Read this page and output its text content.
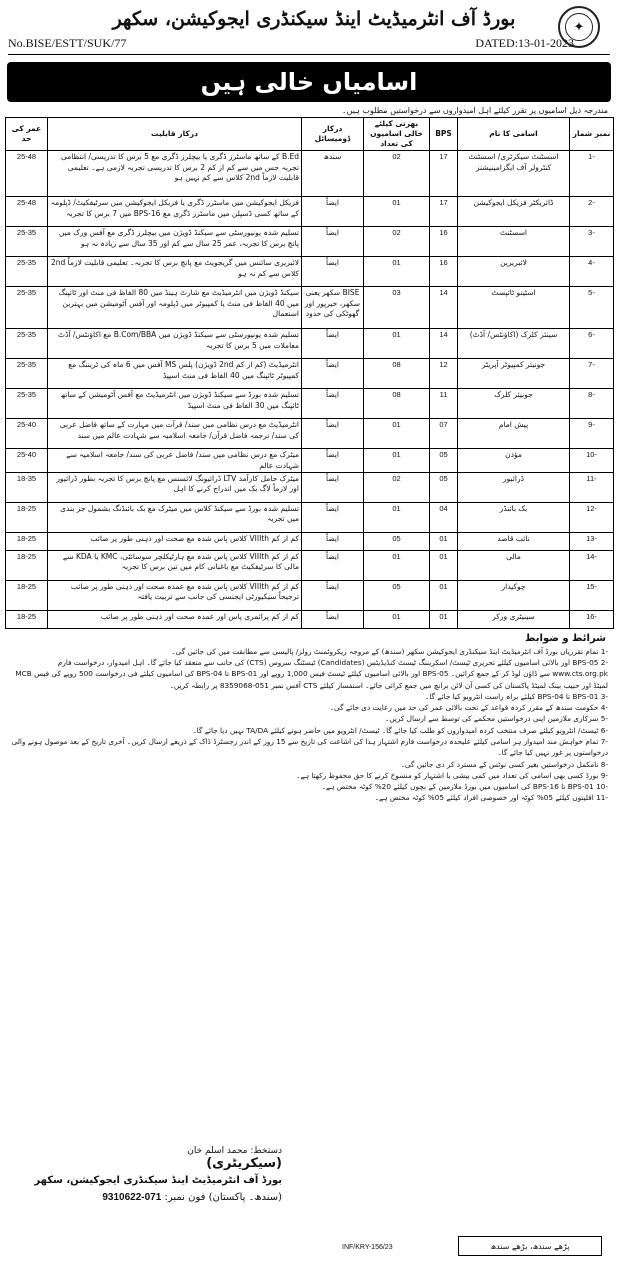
✦
بورڈ آف انٹرمیڈیٹ اینڈ سیکنڈری ایجوکیشن، سکھر
No.BISE/ESTT/SUK/77	DATED:13-01-2023
اسامیاں خالی ہیں
مندرجہ ذیل اسامیوں پر تقرر کیلئے اہل امیدواروں سے درخواستیں مطلوب ہیں۔
نمبر شمار	اسامی کا نام	BPS	بھرتی کیلئے خالی اسامیوں کی تعداد	درکار ڈومیسائل	درکار قابلیت	عمر کی حد
-1	اسسٹنٹ سیکرٹری/ اسسٹنٹ کنٹرولر آف ایگزامینیشنز	17	02	سندھ	B.Ed کے ساتھ ماسٹرز ڈگری یا بیچلرز ڈگری مع 5 برس کا تدریسی/ انتظامی تجربہ جس میں سے کم از کم 2 برس کا تدریسی تجربہ لازمی ہے۔ تعلیمی قابلیت لازماً 2nd کلاس سے کم نہیں ہو	25-48
-2	ڈائریکٹر فزیکل ایجوکیشن	17	01	ایضاً	فزیکل ایجوکیشن میں ماسٹرز ڈگری یا فزیکل ایجوکیشن میں سرٹیفکیٹ/ ڈپلومہ کے ساتھ کسی ڈسپلن میں ماسٹرز ڈگری مع BPS-16 میں 7 برس کا تجربہ	25-48
-3	اسسٹنٹ	16	02	ایضاً	تسلیم شدہ یونیورسٹی سے سیکنڈ ڈویژن میں بیچلرز ڈگری مع آفس ورک میں پانچ برس کا تجربہ، عمر 25 سال سے کم اور 35 سال سے زیادہ نہ ہو	25-35
-4	لائبریرین	16	01	ایضاً	لائبریری سائنس میں گریجویٹ مع پانچ برس کا تجربہ۔ تعلیمی قابلیت لازماً 2nd کلاس سے کم نہ ہو	25-35
-5	اسٹینو ٹائپسٹ	14	03	BISE سکھر یعنی سکھر، خیرپور اور گھوٹکی کی حدود	سیکنڈ ڈویژن میں انٹرمیڈیٹ مع شارٹ ہینڈ میں 80 الفاظ فی منٹ اور ٹائپنگ میں 40 الفاظ فی منٹ یا کمپیوٹر میں ڈپلومہ اور آفس آٹومیشن میں بہترین استعمال	25-35
-6	سینئر کلرک (اکاؤنٹس/ آڈٹ)	14	01	ایضاً	تسلیم شدہ یونیورسٹی سے سیکنڈ ڈویژن میں B.Com/BBA مع اکاؤنٹس/ آڈٹ معاملات میں 5 برس کا تجربہ	25-35
-7	جونیئر کمپیوٹر آپریٹر	12	08	ایضاً	انٹرمیڈیٹ (کم از کم 2nd ڈویژن) پلس MS آفس میں 6 ماہ کی ٹریننگ مع کمپیوٹر ٹائپنگ میں 40 الفاظ فی منٹ اسپیڈ	25-35
-8	جونیئر کلرک	11	08	ایضاً	تسلیم شدہ بورڈ سے سیکنڈ ڈویژن میں انٹرمیڈیٹ مع آفس آٹومیشن کے ساتھ ٹائپنگ میں 30 الفاظ فی منٹ اسپیڈ	25-35
-9	پیش امام	07	01	ایضاً	انٹرمیڈیٹ مع درس نظامی میں سند/ قرآت میں مہارت کے ساتھ فاضل عربی کی سند/ ترجمہ فاضل قرآن/ جامعہ اسلامیہ سے شہادت عالم میں سند	25-40
-10	مؤذن	05	01	ایضاً	میٹرک مع درس نظامی میں سند/ فاضل عربی کی سند/ جامعہ اسلامیہ سے شہادت عالم	25-40
-11	ڈرائیور	05	02	ایضاً	میٹرک حامل کارآمد LTV ڈرائیونگ لائسنس مع پانچ برس کا تجربہ بطور ڈرائیور اور لازماً لاگ بک میں اندراج کرنے کا اہل	18-35
-12	بک بائنڈر	04	01	ایضاً	تسلیم شدہ بورڈ سے سیکنڈ کلاس میں میٹرک مع بک بائنڈنگ بشمول جز بندی میں تجربہ	18-25
-13	نائب قاصد	01	05	ایضاً	کم از کم VIIIth کلاس پاس شدہ مع صحت اور ذہنی طور پر صائب	18-25
-14	مالی	01	01	ایضاً	کم از کم VIIIth کلاس پاس شدہ مع ہارٹیکلچر سوسائٹی، KMC یا KDA سے مالی کا سرٹیفکیٹ مع باغبانی کام میں تین برس کا تجربہ	18-25
-15	چوکیدار	01	05	ایضاً	کم از کم VIIIth کلاس پاس شدہ مع عمدہ صحت اور ذہنی طور پر صائب ترجیحاً سیکیورٹی ایجنسی کی جانب سے تربیت یافتہ	18-25
-16	سینیٹری ورکر	01	01	ایضاً	کم از کم پرائمری پاس اور عمدہ صحت اور ذہنی طور پر صائب	18-25
شرائط و ضوابط
-1 تمام تقرریاں بورڈ آف انٹرمیڈیٹ اینڈ سیکنڈری ایجوکیشن سکھر (سندھ) کے مروجہ ریکروٹمنٹ رولز/ پالیسی سے مطابقت میں کی جائیں گی۔
-2 BPS-05 اور بالائی اسامیوں کیلئے تحریری ٹیسٹ/ اسکریننگ ٹیسٹ کنڈیڈیٹس (Candidates) ٹیسٹنگ سروس (CTS) کی جانب سے منعقد کیا جائے گا۔ اہل امیدوار، درخواست فارم www.cts.org.pk سے ڈاؤن لوڈ کر کے جمع کرائیں۔ BPS-05 اور بالائی اسامیوں کیلئے ٹیسٹ فیس 1,000 روپے اور BPS-01 تا BPS-04 کی اسامیوں کیلئے فی درخواست 500 روپے کی فیس MCB لمیٹڈ اور حبیب بینک لمیٹڈ پاکستان کی کسی آن لائن برانچ میں جمع کرائی جائے۔ استفسار کیلئے CTS آفس نمبر 051-8359068 پر رابطہ کریں۔
-3 BPS-01 تا BPS-04 کیلئے براہ راست انٹرویو کیا جائے گا۔
-4 حکومت سندھ کے مقرر کردہ قواعد کے تحت بالائی عمر کی حد میں رعایت دی جائے گی۔
-5 سرکاری ملازمین اپنی درخواستیں محکمے کی توسط سے ارسال کریں۔
-6 ٹیسٹ/ انٹرویو کیلئے صرف منتخب کردہ امیدواروں کو طلب کیا جائے گا۔ ٹیسٹ/ انٹرویو میں حاضر ہونے کیلئے TA/DA نہیں دیا جائے گا۔
-7 تمام خواہش مند امیدوار ہر اسامی کیلئے علیحدہ درخواست فارم اشتہار ہذا کی اشاعت کی تاریخ سے 15 روز کے اندر رجسٹرڈ ڈاک کے ذریعے ارسال کریں۔ آخری تاریخ کے بعد موصول ہونے والی درخواستوں پر غور نہیں کیا جائے گا۔
-8 نامکمل درخواستیں بغیر کسی نوٹس کے مسترد کر دی جائیں گی۔
-9 بورڈ کسی بھی اسامی کی تعداد میں کمی بیشی یا اشتہار کو منسوخ کرنے کا حق محفوظ رکھتا ہے۔
-10 BPS-01 تا BPS-16 کی اسامیوں میں بورڈ ملازمین کے بچوں کیلئے 20% کوٹہ مختص ہے۔
-11 اقلیتوں کیلئے 05% کوٹہ اور خصوصی افراد کیلئے 05% کوٹہ مختص ہے۔
دستخط: محمد اسلم خان
(سیکریٹری)
بورڈ آف انٹرمیڈیٹ اینڈ سیکنڈری ایجوکیشن، سکھر
(سندھ۔ پاکستان) فون نمبر: 071-9310622
INF/KRY-156/23	پڑھے سندھ، بڑھے سندھ
